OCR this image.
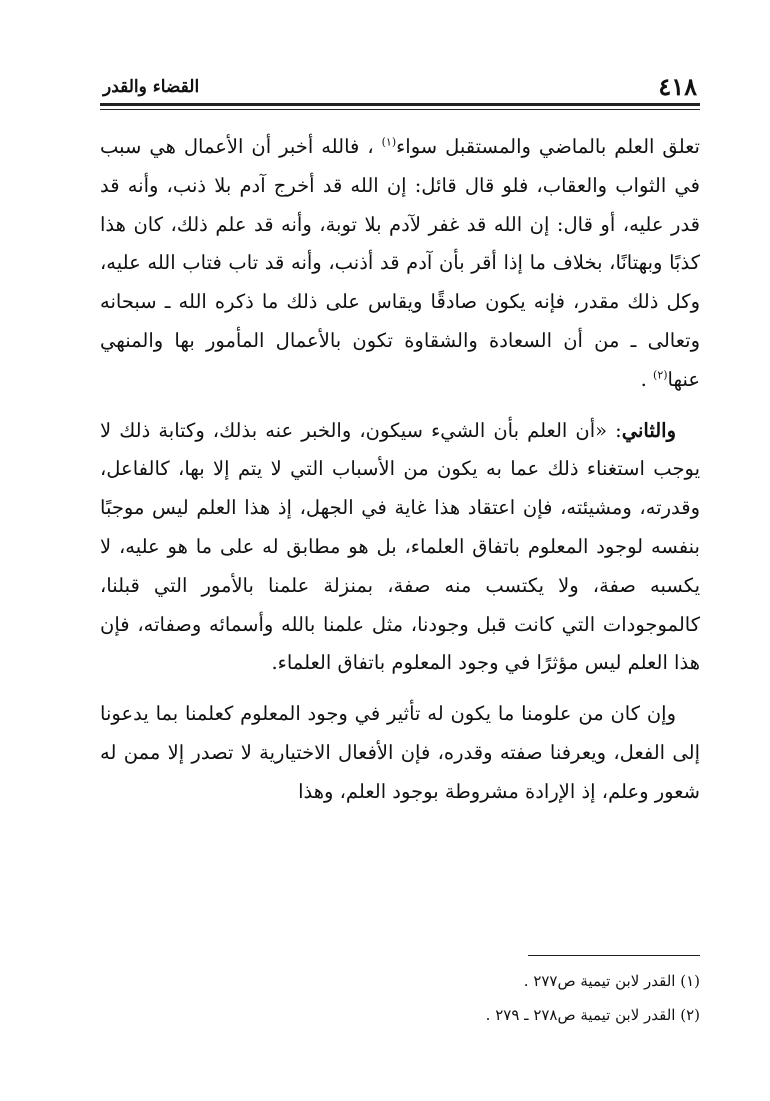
٤١٨
القضاء والقدر

تعلق العلم بالماضي والمستقبل سواء$^{(١)}$ ، فالله أخبر أن الأعمال هي سبب في الثواب والعقاب، فلو قال قائل: إن الله قد أخرج آدم بلا ذنب، وأنه قد قدر عليه، أو قال: إن الله قد غفر لآدم بلا توبة، وأنه قد علم ذلك، كان هذا كذبًا وبهتانًا، بخلاف ما إذا أقر بأن آدم قد أذنب، وأنه قد تاب فتاب الله عليه، وكل ذلك مقدر، فإنه يكون صادقًا ويقاس على ذلك ما ذكره الله ـ سبحانه وتعالى ـ من أن السعادة والشقاوة تكون بالأعمال المأمور بها والمنهي عنها$^{(٢)}$ .

والثاني: «أن العلم بأن الشيء سيكون، والخبر عنه بذلك، وكتابة ذلك لا يوجب استغناء ذلك عما به يكون من الأسباب التي لا يتم إلا بها، كالفاعل، وقدرته، ومشيئته، فإن اعتقاد هذا غاية في الجهل، إذ هذا العلم ليس موجبًا بنفسه لوجود المعلوم باتفاق العلماء، بل هو مطابق له على ما هو عليه، لا يكسبه صفة، ولا يكتسب منه صفة، بمنزلة علمنا بالأمور التي قبلنا، كالموجودات التي كانت قبل وجودنا، مثل علمنا بالله وأسمائه وصفاته، فإن هذا العلم ليس مؤثرًا في وجود المعلوم باتفاق العلماء.

وإن كان من علومنا ما يكون له تأثير في وجود المعلوم كعلمنا بما يدعونا إلى الفعل، ويعرفنا صفته وقدره، فإن الأفعال الاختيارية لا تصدر إلا ممن له شعور وعلم، إذ الإرادة مشروطة بوجود العلم، وهذا

(١) القدر لابن تيمية ص٢٧٧ .
(٢) القدر لابن تيمية ص٢٧٨ ـ ٢٧٩ .
